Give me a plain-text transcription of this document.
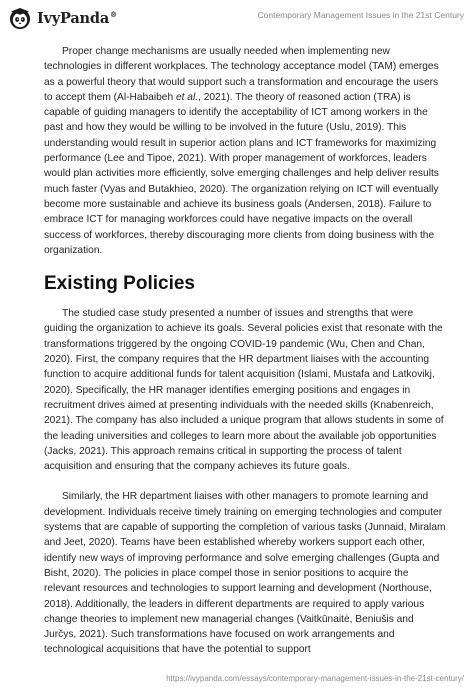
IvyPanda®	Contemporary Management Issues in the 21st Century

Proper change mechanisms are usually needed when implementing new technologies in different workplaces. The technology acceptance model (TAM) emerges as a powerful theory that would support such a transformation and encourage the users to accept them (Al-Habaibeh et al., 2021). The theory of reasoned action (TRA) is capable of guiding managers to identify the acceptability of ICT among workers in the past and how they would be willing to be involved in the future (Uslu, 2019). This understanding would result in superior action plans and ICT frameworks for maximizing performance (Lee and Tipoe, 2021). With proper management of workforces, leaders would plan activities more efficiently, solve emerging challenges and help deliver results much faster (Vyas and Butakhieo, 2020). The organization relying on ICT will eventually become more sustainable and achieve its business goals (Andersen, 2018). Failure to embrace ICT for managing workforces could have negative impacts on the overall success of workforces, thereby discouraging more clients from doing business with the organization.

Existing Policies

The studied case study presented a number of issues and strengths that were guiding the organization to achieve its goals. Several policies exist that resonate with the transformations triggered by the ongoing COVID-19 pandemic (Wu, Chen and Chan, 2020). First, the company requires that the HR department liaises with the accounting function to acquire additional funds for talent acquisition (Islami, Mustafa and Latkovikj, 2020). Specifically, the HR manager identifies emerging positions and engages in recruitment drives aimed at presenting individuals with the needed skills (Knabenreich, 2021). The company has also included a unique program that allows students in some of the leading universities and colleges to learn more about the available job opportunities (Jacks, 2021). This approach remains critical in supporting the process of talent acquisition and ensuring that the company achieves its future goals.

Similarly, the HR department liaises with other managers to promote learning and development. Individuals receive timely training on emerging technologies and computer systems that are capable of supporting the completion of various tasks (Junnaid, Miralam and Jeet, 2020). Teams have been established whereby workers support each other, identify new ways of improving performance and solve emerging challenges (Gupta and Bisht, 2020). The policies in place compel those in senior positions to acquire the relevant resources and technologies to support learning and development (Northouse, 2018). Additionally, the leaders in different departments are required to apply various change theories to implement new managerial changes (Vaitkūnaitė, Beniušis and Jurčys, 2021). Such transformations have focused on work arrangements and technological acquisitions that have the potential to support

https://ivypanda.com/essays/contemporary-management-issues-in-the-21st-century/
